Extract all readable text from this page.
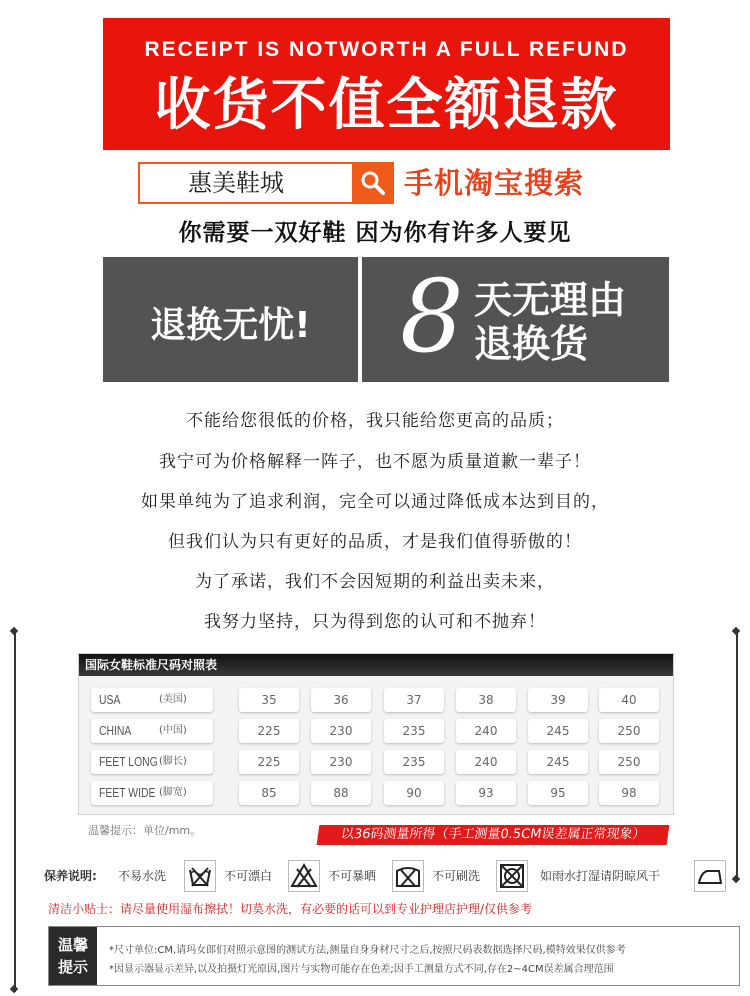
RECEIPT IS NOTWORTH A FULL REFUND
收货不值全额退款
惠美鞋城	手机淘宝搜索
你需要一双好鞋 因为你有许多人要见
退换无忧! 8 天无理由
退换货
不能给您很低的价格，我只能给您更高的品质；
我宁可为价格解释一阵子，也不愿为质量道歉一辈子！
如果单纯为了追求利润，完全可以通过降低成本达到目的，
但我们认为只有更好的品质，才是我们值得骄傲的！
为了承诺，我们不会因短期的利益出卖未来，
我努力坚持，只为得到您的认可和不抛弃！
国际女鞋标准尺码对照表
USA	(美国)	35	36	37	38	39	40
CHINA	(中国)	225	230	235	240	245	250
FEET LONG (脚长)	225	230	235	240	245	250
FEET WIDE (脚宽)	85	88	90	93	95	98
温馨提示：单位/mm。	以36码测量所得（手工测量0.5CM误差属正常现象）
保养说明: 不易水洗	不可漂白	不可暴晒	不可刷洗	如雨水打湿请阴晾风干
清洁小贴士：请尽量使用湿布擦拭！切莫水洗，有必要的话可以到专业护理店护理/仅供参考
温馨
提示
*尺寸单位:CM,请玛女郎们对照示意图的测试方法,测量自身身材尺寸之后,按照尺码表数据选择尺码,模特效果仅供参考
*因显示器显示差异,以及拍摄灯光原因,图片与实物可能存在色差;因手工测量方式不同,存在2~4CM误差属合理范围
